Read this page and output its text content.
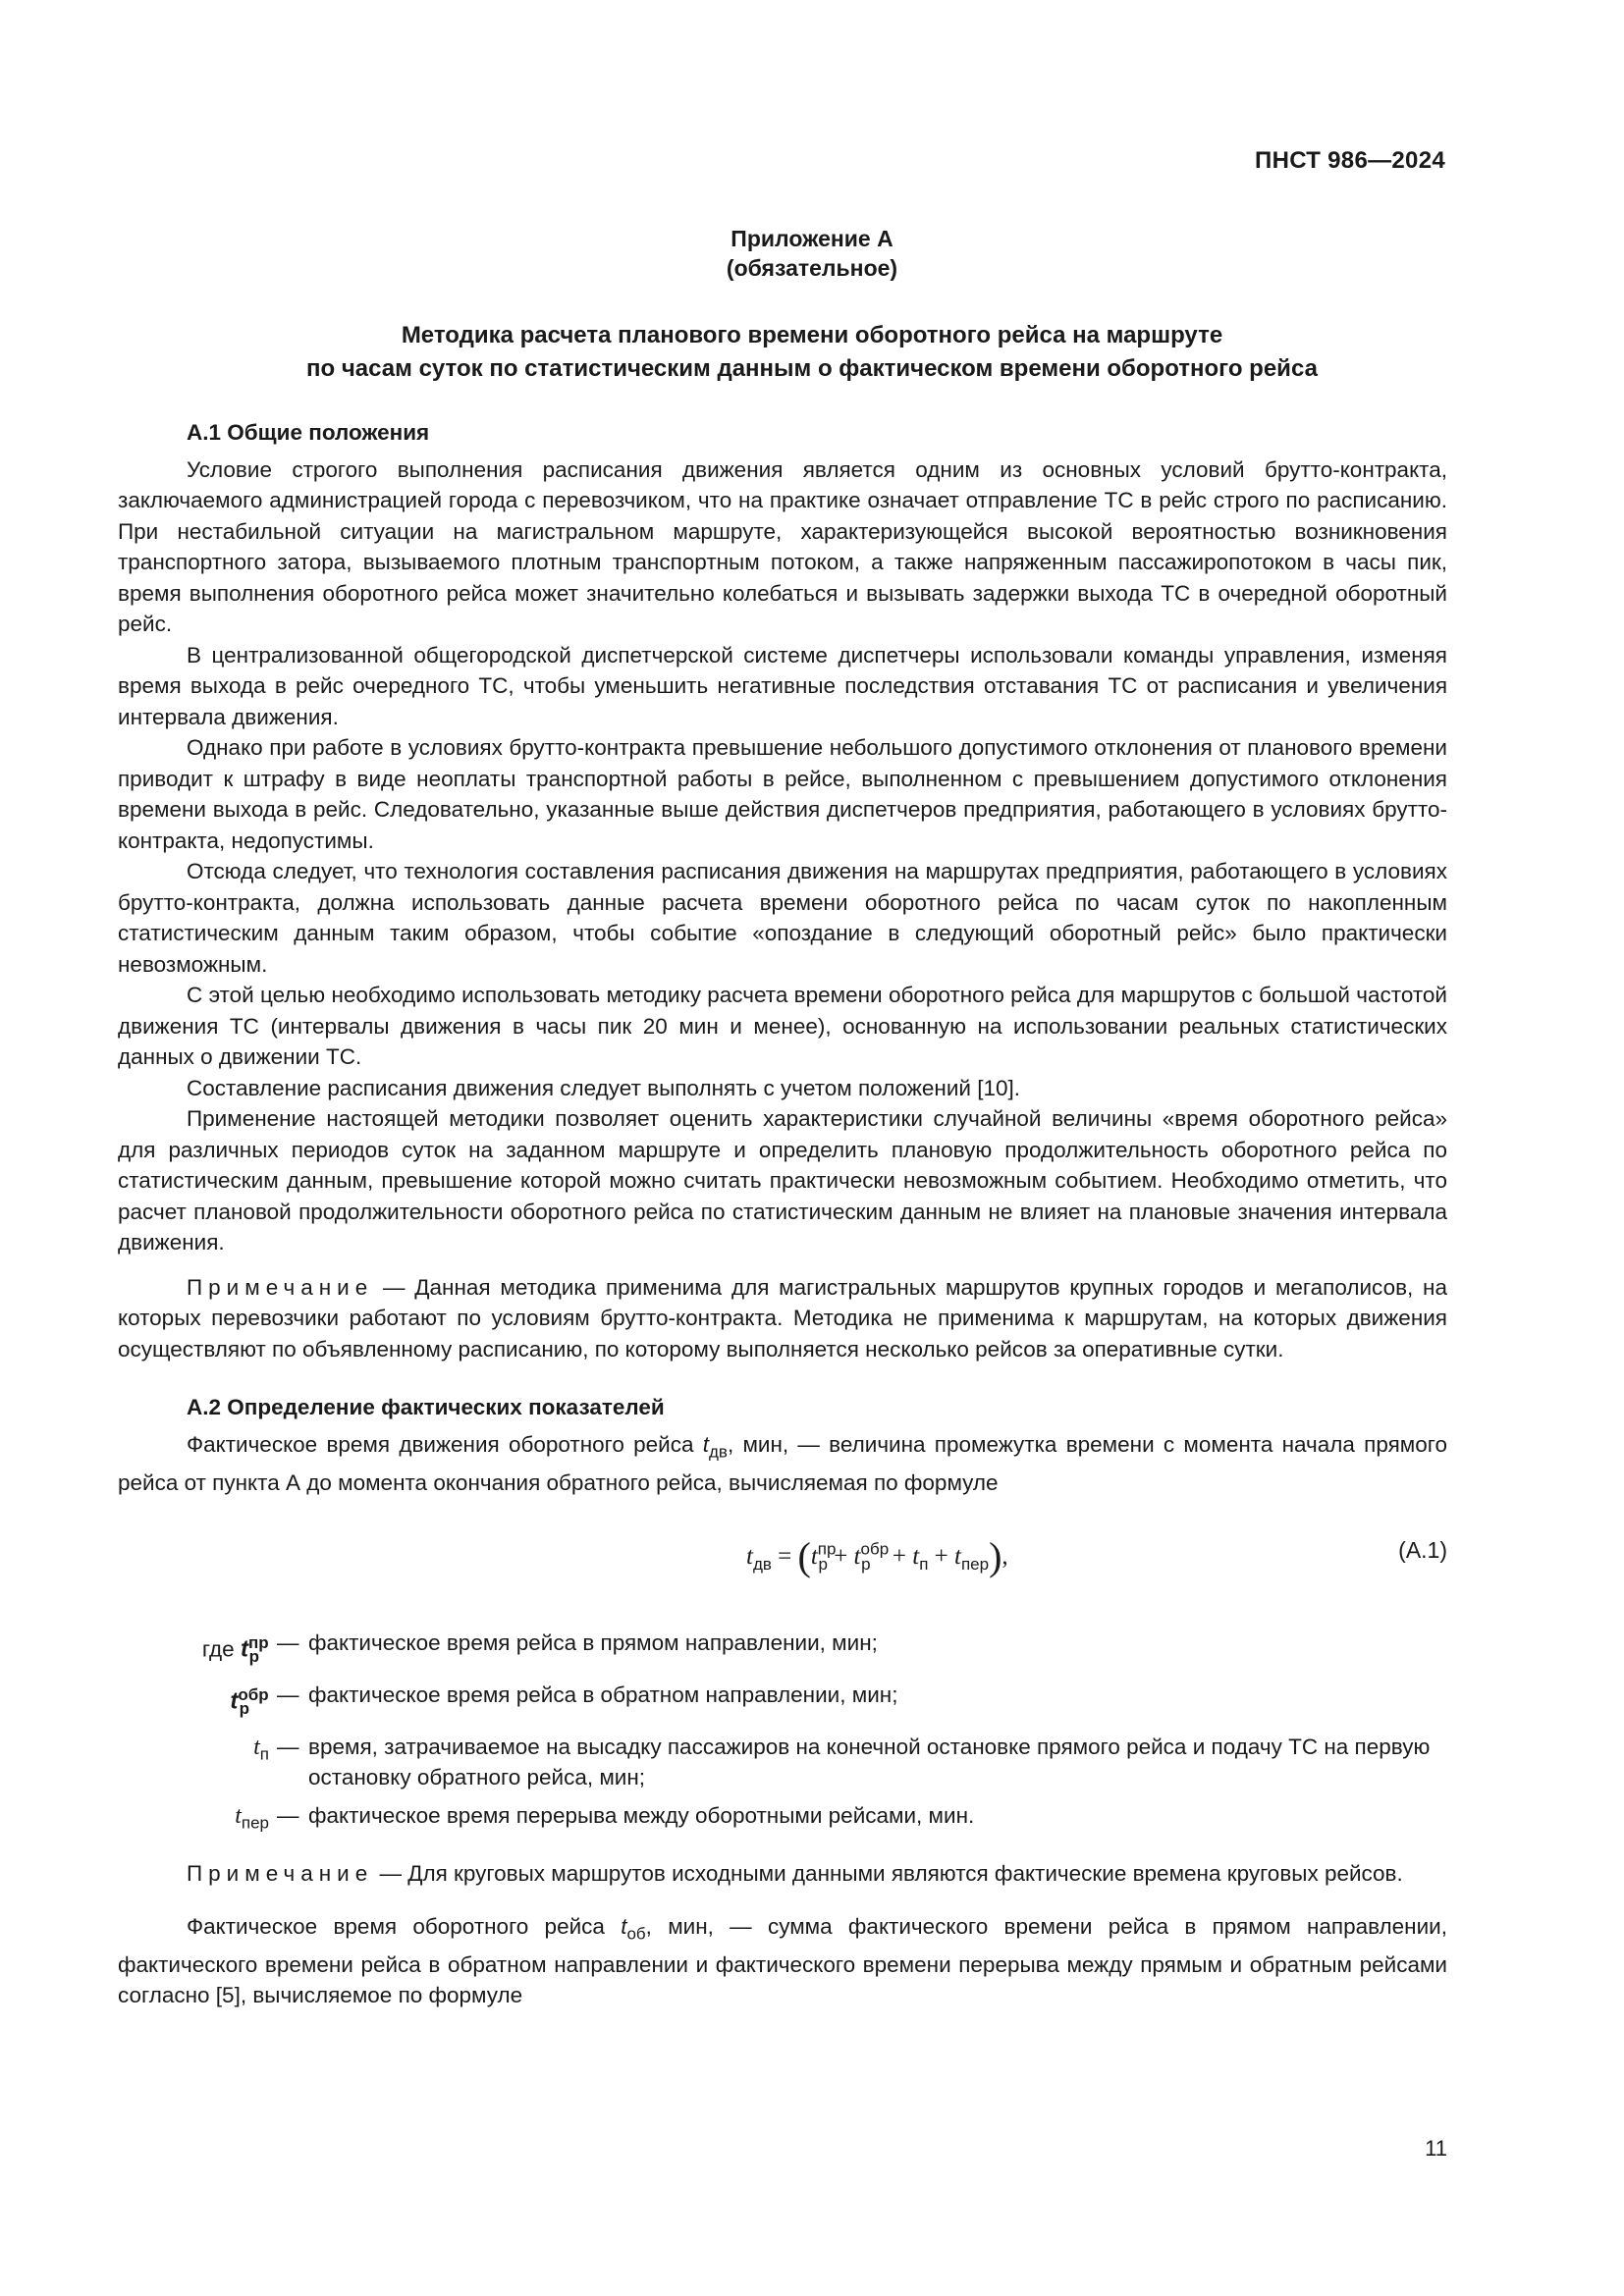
ПНСТ 986—2024
Приложение А
(обязательное)
Методика расчета планового времени оборотного рейса на маршруте
по часам суток по статистическим данным о фактическом времени оборотного рейса
А.1 Общие положения

Условие строгого выполнения расписания движения является одним из основных условий брутто-контракта, заключаемого администрацией города с перевозчиком, что на практике означает отправление ТС в рейс строго по расписанию. При нестабильной ситуации на магистральном маршруте, характеризующейся высокой вероятностью возникновения транспортного затора, вызываемого плотным транспортным потоком, а также напряженным пассажиропотоком в часы пик, время выполнения оборотного рейса может значительно колебаться и вызывать задержки выхода ТС в очередной оборотный рейс.

В централизованной общегородской диспетчерской системе диспетчеры использовали команды управления, изменяя время выхода в рейс очередного ТС, чтобы уменьшить негативные последствия отставания ТС от расписания и увеличения интервала движения.

Однако при работе в условиях брутто-контракта превышение небольшого допустимого отклонения от планового времени приводит к штрафу в виде неоплаты транспортной работы в рейсе, выполненном с превышением допустимого отклонения времени выхода в рейс. Следовательно, указанные выше действия диспетчеров предприятия, работающего в условиях брутто-контракта, недопустимы.

Отсюда следует, что технология составления расписания движения на маршрутах предприятия, работающего в условиях брутто-контракта, должна использовать данные расчета времени оборотного рейса по часам суток по накопленным статистическим данным таким образом, чтобы событие «опоздание в следующий оборотный рейс» было практически невозможным.

С этой целью необходимо использовать методику расчета времени оборотного рейса для маршрутов с большой частотой движения ТС (интервалы движения в часы пик 20 мин и менее), основанную на использовании реальных статистических данных о движении ТС.

Составление расписания движения следует выполнять с учетом положений [10].

Применение настоящей методики позволяет оценить характеристики случайной величины «время оборотного рейса» для различных периодов суток на заданном маршруте и определить плановую продолжительность оборотного рейса по статистическим данным, превышение которой можно считать практически невозможным событием. Необходимо отметить, что расчет плановой продолжительности оборотного рейса по статистическим данным не влияет на плановые значения интервала движения.

Примечание — Данная методика применима для магистральных маршрутов крупных городов и мегаполисов, на которых перевозчики работают по условиям брутто-контракта. Методика не применима к маршрутам, на которых движения осуществляют по объявленному расписанию, по которому выполняется несколько рейсов за оперативные сутки.

А.2 Определение фактических показателей

Фактическое время движения оборотного рейса $t_{дв}$, мин, — величина промежутка времени с момента начала прямого рейса от пункта А до момента окончания обратного рейса, вычисляемая по формуле

$t_{дв} = (t^{пр}_р + t^{обр}_р + t_п + t_{пер})$,	(А.1)
где $t^{пр}_р$
— фактическое время рейса в прямом направлении, мин;
$t^{обр}_р$
— фактическое время рейса в обратном направлении, мин;
$t_п$ — время, затрачиваемое на высадку пассажиров на конечной остановке прямого рейса и подачу ТС на первую остановку обратного рейса, мин;
$t_{пер}$ — фактическое время перерыва между оборотными рейсами, мин.

Примечание — Для круговых маршрутов исходными данными являются фактические времена круговых рейсов.

Фактическое время оборотного рейса $t_{об}$, мин, — сумма фактического времени рейса в прямом направлении, фактического времени рейса в обратном направлении и фактического времени перерыва между прямым и обратным рейсами согласно [5], вычисляемое по формуле

11
